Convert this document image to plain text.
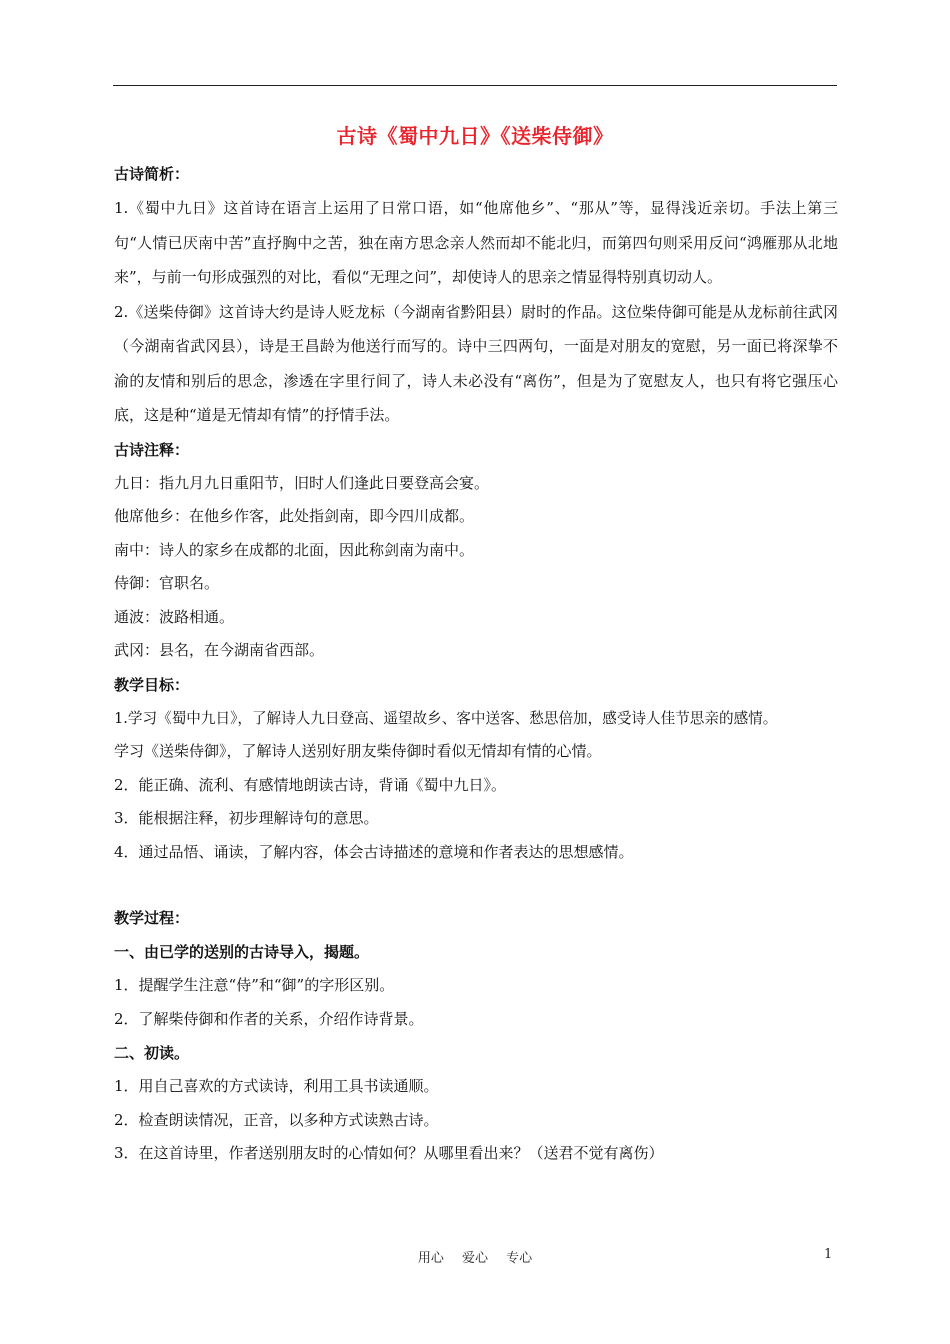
古诗《蜀中九日》《送柴侍御》
古诗简析：

1.《蜀中九日》这首诗在语言上运用了日常口语，如“他席他乡”、“那从”等，显得浅近亲切。手法上第三句“人情已厌南中苦”直抒胸中之苦，独在南方思念亲人然而却不能北归，而第四句则采用反问“鸿雁那从北地来”，与前一句形成强烈的对比，看似“无理之问”，却使诗人的思亲之情显得特别真切动人。

2.《送柴侍御》这首诗大约是诗人贬龙标（今湖南省黔阳县）尉时的作品。这位柴侍御可能是从龙标前往武冈（今湖南省武冈县），诗是王昌龄为他送行而写的。诗中三四两句，一面是对朋友的宽慰，另一面已将深挚不渝的友情和别后的思念，渗透在字里行间了，诗人未必没有“离伤”，但是为了宽慰友人，也只有将它强压心底，这是种“道是无情却有情”的抒情手法。

古诗注释：

九日：指九月九日重阳节，旧时人们逢此日要登高会宴。

他席他乡：在他乡作客，此处指剑南，即今四川成都。

南中：诗人的家乡在成都的北面，因此称剑南为南中。

侍御：官职名。

通波：波路相通。

武冈：县名，在今湖南省西部。

教学目标：

1.学习《蜀中九日》，了解诗人九日登高、遥望故乡、客中送客、愁思倍加，感受诗人佳节思亲的感情。

学习《送柴侍御》，了解诗人送别好朋友柴侍御时看似无情却有情的心情。

2．能正确、流利、有感情地朗读古诗，背诵《蜀中九日》。

3．能根据注释，初步理解诗句的意思。

4．通过品悟、诵读，了解内容，体会古诗描述的意境和作者表达的思想感情。

教学过程：
一、由已学的送别的古诗导入，揭题。

1．提醒学生注意“侍”和“御”的字形区别。

2．了解柴侍御和作者的关系，介绍作诗背景。

二、初读。

1．用自己喜欢的方式读诗，利用工具书读通顺。

2．检查朗读情况，正音，以多种方式读熟古诗。

3．在这首诗里，作者送别朋友时的心情如何？从哪里看出来？（送君不觉有离伤）

用心 爱心 专心	1
